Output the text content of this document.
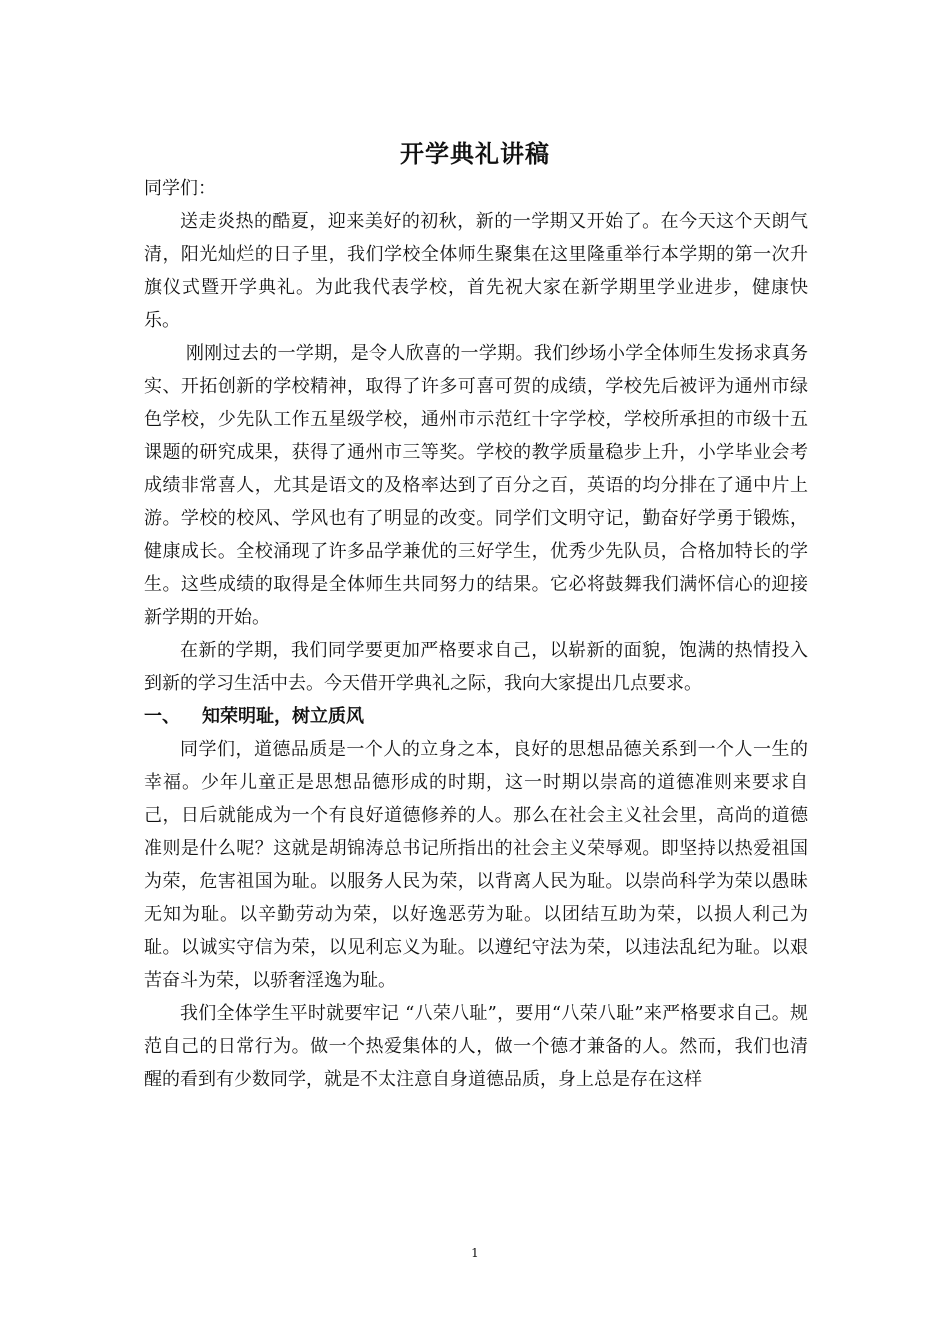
开学典礼讲稿

同学们：

送走炎热的酷夏，迎来美好的初秋，新的一学期又开始了。在今天这个天朗气清，阳光灿烂的日子里，我们学校全体师生聚集在这里隆重举行本学期的第一次升旗仪式暨开学典礼。为此我代表学校，首先祝大家在新学期里学业进步，健康快乐。

刚刚过去的一学期，是令人欣喜的一学期。我们纱场小学全体师生发扬求真务实、开拓创新的学校精神，取得了许多可喜可贺的成绩，学校先后被评为通州市绿色学校，少先队工作五星级学校，通州市示范红十字学校，学校所承担的市级十五课题的研究成果，获得了通州市三等奖。学校的教学质量稳步上升，小学毕业会考成绩非常喜人，尤其是语文的及格率达到了百分之百，英语的均分排在了通中片上游。学校的校风、学风也有了明显的改变。同学们文明守记，勤奋好学勇于锻炼，健康成长。全校涌现了许多品学兼优的三好学生，优秀少先队员，合格加特长的学生。这些成绩的取得是全体师生共同努力的结果。它必将鼓舞我们满怀信心的迎接新学期的开始。

在新的学期，我们同学要更加严格要求自己，以崭新的面貌，饱满的热情投入到新的学习生活中去。今天借开学典礼之际，我向大家提出几点要求。

一、 知荣明耻，树立质风

同学们，道德品质是一个人的立身之本，良好的思想品德关系到一个人一生的幸福。少年儿童正是思想品德形成的时期，这一时期以崇高的道德准则来要求自己，日后就能成为一个有良好道德修养的人。那么在社会主义社会里，高尚的道德准则是什么呢？这就是胡锦涛总书记所指出的社会主义荣辱观。即坚持以热爱祖国为荣，危害祖国为耻。以服务人民为荣，以背离人民为耻。以崇尚科学为荣以愚昧无知为耻。以辛勤劳动为荣，以好逸恶劳为耻。以团结互助为荣，以损人利己为耻。以诚实守信为荣，以见利忘义为耻。以遵纪守法为荣，以违法乱纪为耻。以艰苦奋斗为荣，以骄奢淫逸为耻。

我们全体学生平时就要牢记 “八荣八耻”，要用“八荣八耻”来严格要求自己。规范自己的日常行为。做一个热爱集体的人，做一个德才兼备的人。然而，我们也清醒的看到有少数同学，就是不太注意自身道德品质，身上总是存在这样

1
